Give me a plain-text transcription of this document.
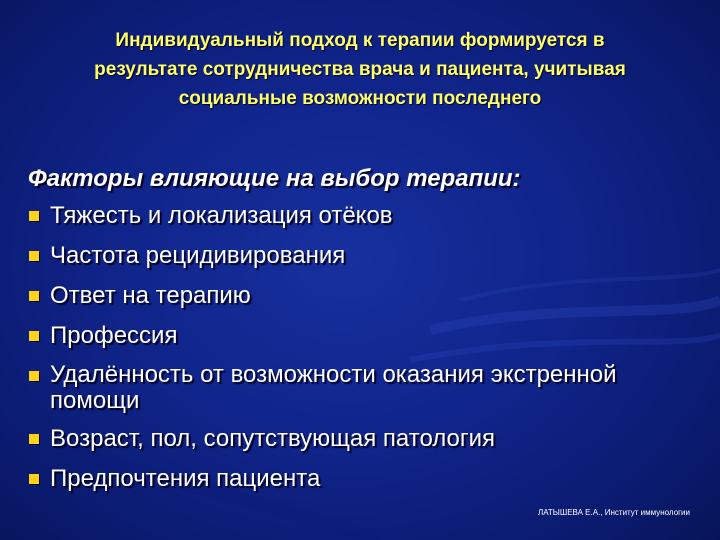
Индивидуальный подход к терапии формируется в
результате сотрудничества врача и пациента, учитывая
социальные возможности последнего
Факторы влияющие на выбор терапии:
Тяжесть и локализация отёков
Частота рецидивирования
Ответ на терапию
Профессия
Удалённость от возможности оказания экстренной помощи
Возраст, пол, сопутствующая патология
Предпочтения пациента
ЛАТЫШЕВА Е.А., Институт иммунологии
